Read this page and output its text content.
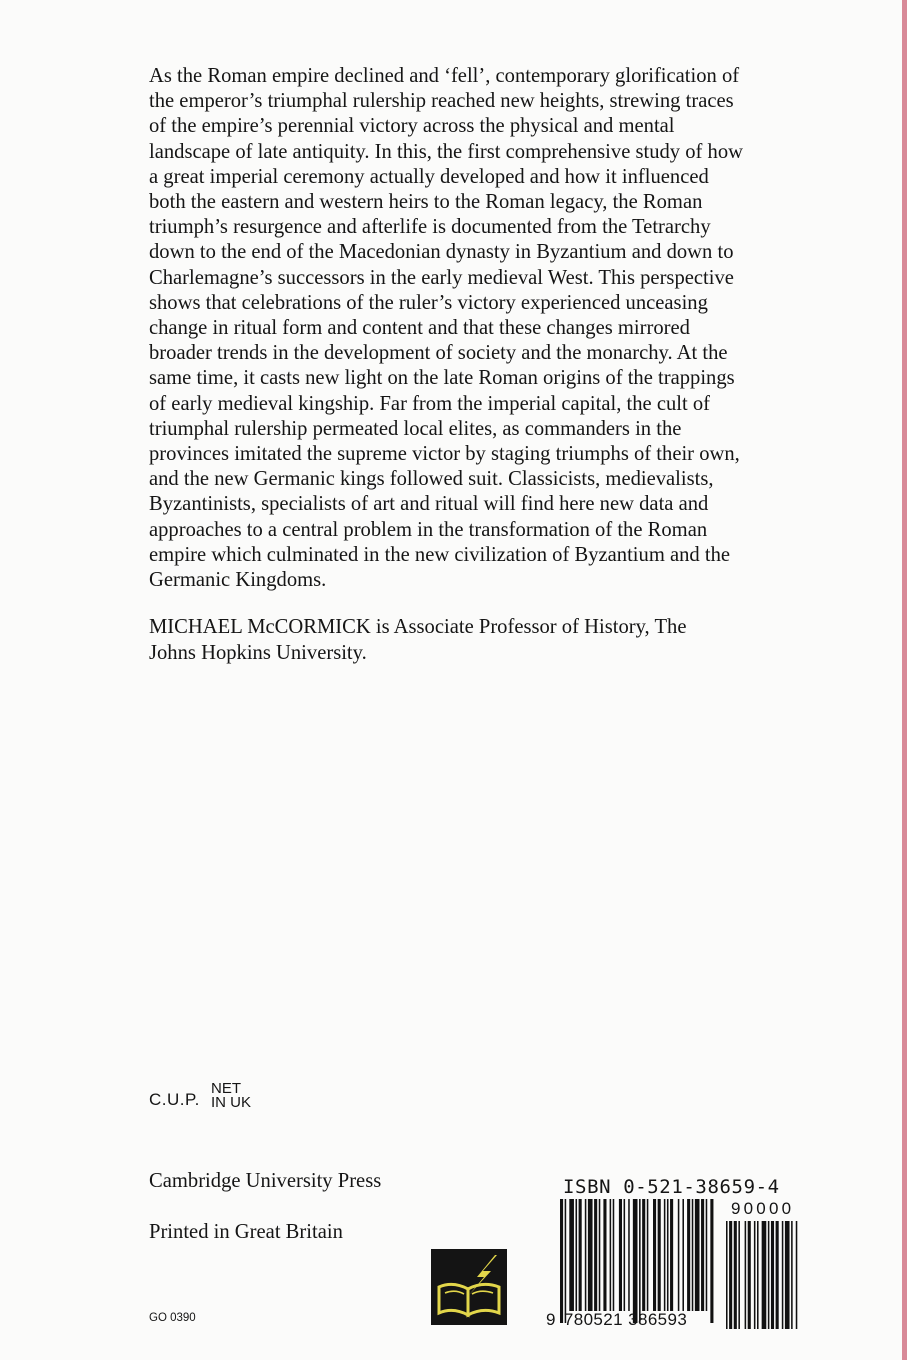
As the Roman empire declined and ‘fell’, contemporary glorification of
the emperor’s triumphal rulership reached new heights, strewing traces
of the empire’s perennial victory across the physical and mental
landscape of late antiquity. In this, the first comprehensive study of how
a great imperial ceremony actually developed and how it influenced
both the eastern and western heirs to the Roman legacy, the Roman
triumph’s resurgence and afterlife is documented from the Tetrarchy
down to the end of the Macedonian dynasty in Byzantium and down to
Charlemagne’s successors in the early medieval West. This perspective
shows that celebrations of the ruler’s victory experienced unceasing
change in ritual form and content and that these changes mirrored
broader trends in the development of society and the monarchy. At the
same time, it casts new light on the late Roman origins of the trappings
of early medieval kingship. Far from the imperial capital, the cult of
triumphal rulership permeated local elites, as commanders in the
provinces imitated the supreme victor by staging triumphs of their own,
and the new Germanic kings followed suit. Classicists, medievalists,
Byzantinists, specialists of art and ritual will find here new data and
approaches to a central problem in the transformation of the Roman
empire which culminated in the new civilization of Byzantium and the
Germanic Kingdoms.
MICHAEL McCORMICK is Associate Professor of History, The
Johns Hopkins University.
C.U.P.
NET
IN UK
Cambridge University Press
Printed in Great Britain
GO 0390
ISBN 0-521-38659-4
90000
9 780521 386593
